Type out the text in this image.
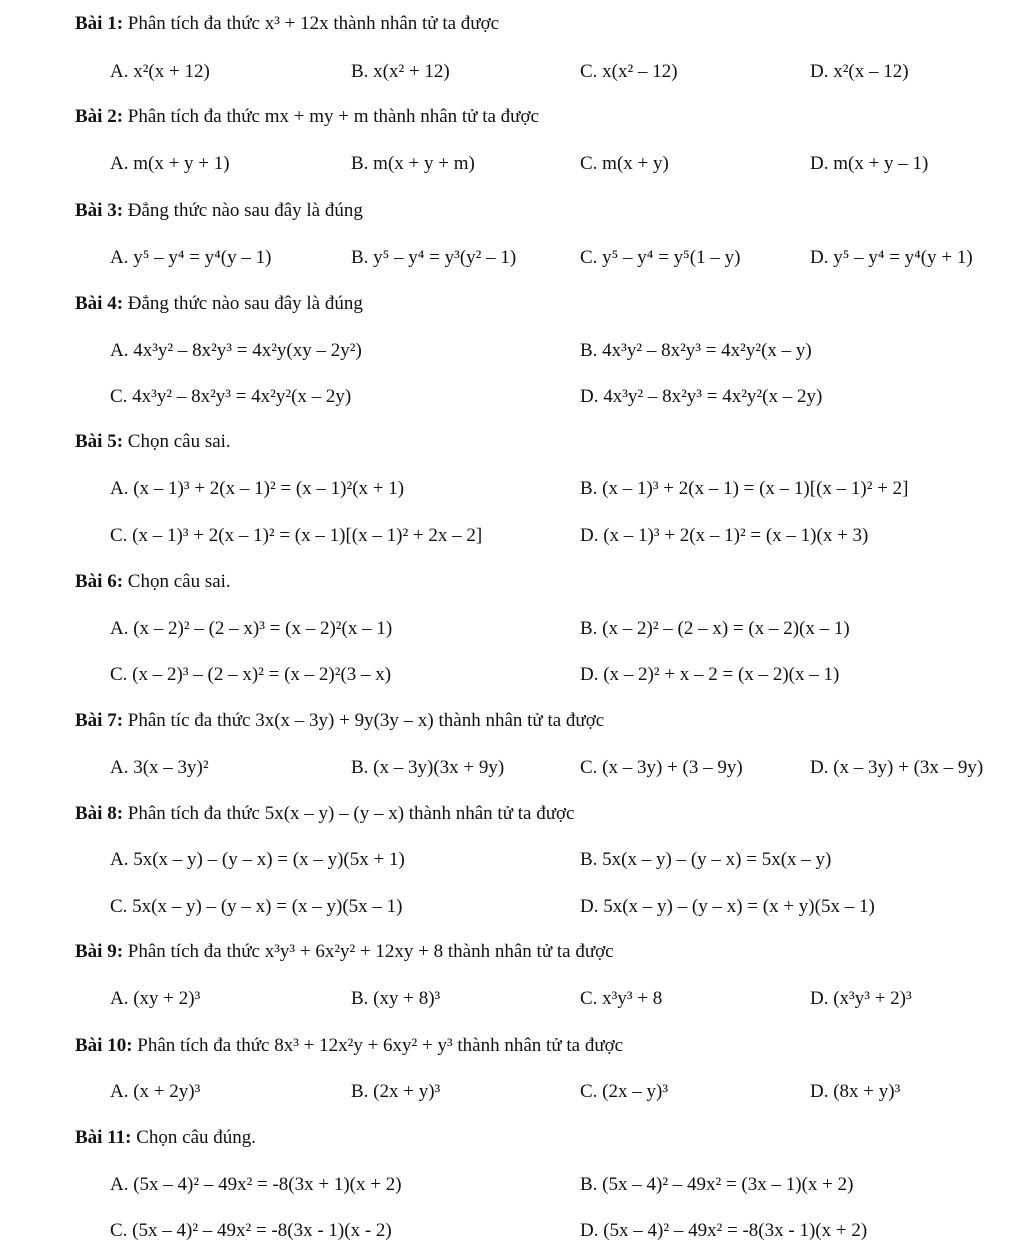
Bài 1: Phân tích đa thức x³ + 12x thành nhân tử ta được
A. x²(x + 12)	B. x(x² + 12)	C. x(x² – 12)	D. x²(x – 12)
Bài 2: Phân tích đa thức mx + my + m thành nhân tử ta được
A. m(x + y + 1)	B. m(x + y + m)	C. m(x + y)	D. m(x + y – 1)
Bài 3: Đẳng thức nào sau đây là đúng
A. y⁵ – y⁴ = y⁴(y – 1)	B. y⁵ – y⁴ = y³(y² – 1)	C. y⁵ – y⁴ = y⁵(1 – y)	D. y⁵ – y⁴ = y⁴(y + 1)
Bài 4: Đẳng thức nào sau đây là đúng
A. 4x³y² – 8x²y³ = 4x²y(xy – 2y²)	B. 4x³y² – 8x²y³ = 4x²y²(x – y)
C. 4x³y² – 8x²y³ = 4x²y²(x – 2y)	D. 4x³y² – 8x²y³ = 4x²y²(x – 2y)
Bài 5: Chọn câu sai.
A. (x – 1)³ + 2(x – 1)² = (x – 1)²(x + 1)	B. (x – 1)³ + 2(x – 1) = (x – 1)[(x – 1)² + 2]
C. (x – 1)³ + 2(x – 1)² = (x – 1)[(x – 1)² + 2x – 2]	D. (x – 1)³ + 2(x – 1)² = (x – 1)(x + 3)
Bài 6: Chọn câu sai.
A. (x – 2)² – (2 – x)³ = (x – 2)²(x – 1)	B. (x – 2)² – (2 – x) = (x – 2)(x – 1)
C. (x – 2)³ – (2 – x)² = (x – 2)²(3 – x)	D. (x – 2)² + x – 2 = (x – 2)(x – 1)
Bài 7: Phân tíc đa thức 3x(x – 3y) + 9y(3y – x) thành nhân tử ta được
A. 3(x – 3y)²	B. (x – 3y)(3x + 9y)	C. (x – 3y) + (3 – 9y)	D. (x – 3y) + (3x – 9y)
Bài 8: Phân tích đa thức 5x(x – y) – (y – x) thành nhân tử ta được
A. 5x(x – y) – (y – x) = (x – y)(5x + 1)	B. 5x(x – y) – (y – x) = 5x(x – y)
C. 5x(x – y) – (y – x) = (x – y)(5x – 1)	D. 5x(x – y) – (y – x) = (x + y)(5x – 1)
Bài 9: Phân tích đa thức x³y³ + 6x²y² + 12xy + 8 thành nhân tử ta được
A. (xy + 2)³	B. (xy + 8)³	C. x³y³ + 8	D. (x³y³ + 2)³
Bài 10: Phân tích đa thức 8x³ + 12x²y + 6xy² + y³ thành nhân tử ta được
A. (x + 2y)³	B. (2x + y)³	C. (2x – y)³	D. (8x + y)³
Bài 11: Chọn câu đúng.
A. (5x – 4)² – 49x² = -8(3x + 1)(x + 2)	B. (5x – 4)² – 49x² = (3x – 1)(x + 2)
C. (5x – 4)² – 49x² = -8(3x - 1)(x - 2)	D. (5x – 4)² – 49x² = -8(3x - 1)(x + 2)
